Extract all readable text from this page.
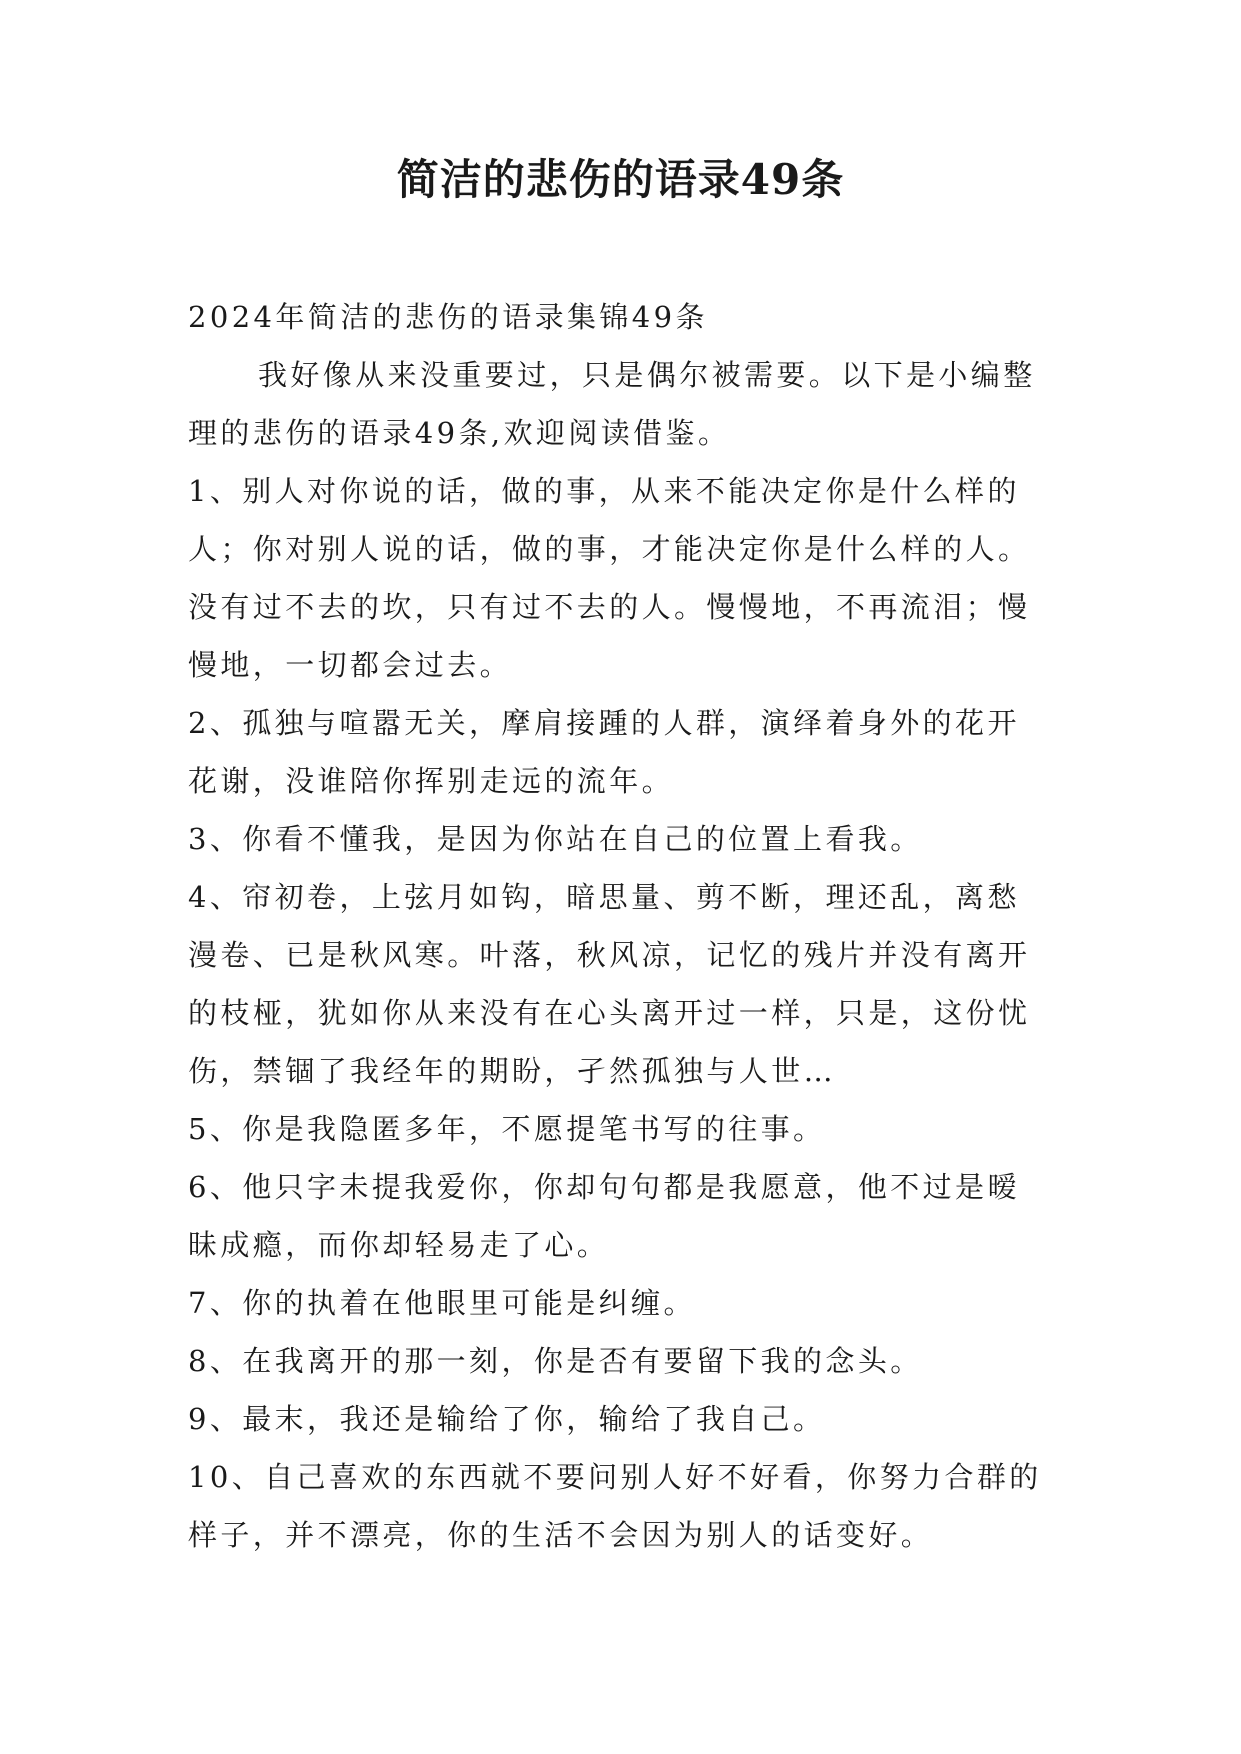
简洁的悲伤的语录49条
2024年简洁的悲伤的语录集锦49条
我好像从来没重要过，只是偶尔被需要。以下是小编整
理的悲伤的语录49条,欢迎阅读借鉴。
1、别人对你说的话，做的事，从来不能决定你是什么样的
人；你对别人说的话，做的事，才能决定你是什么样的人。
没有过不去的坎，只有过不去的人。慢慢地，不再流泪；慢
慢地，一切都会过去。
2、孤独与喧嚣无关，摩肩接踵的人群，演绎着身外的花开
花谢，没谁陪你挥别走远的流年。
3、你看不懂我，是因为你站在自己的位置上看我。
4、帘初卷，上弦月如钩，暗思量、剪不断，理还乱，离愁
漫卷、已是秋风寒。叶落，秋风凉，记忆的残片并没有离开
的枝桠，犹如你从来没有在心头离开过一样，只是，这份忧
伤，禁锢了我经年的期盼，孑然孤独与人世…
5、你是我隐匿多年，不愿提笔书写的往事。
6、他只字未提我爱你，你却句句都是我愿意，他不过是暧
昧成瘾，而你却轻易走了心。
7、你的执着在他眼里可能是纠缠。
8、在我离开的那一刻，你是否有要留下我的念头。
9、最末，我还是输给了你，输给了我自己。
10、自己喜欢的东西就不要问别人好不好看，你努力合群的
样子，并不漂亮，你的生活不会因为别人的话变好。
